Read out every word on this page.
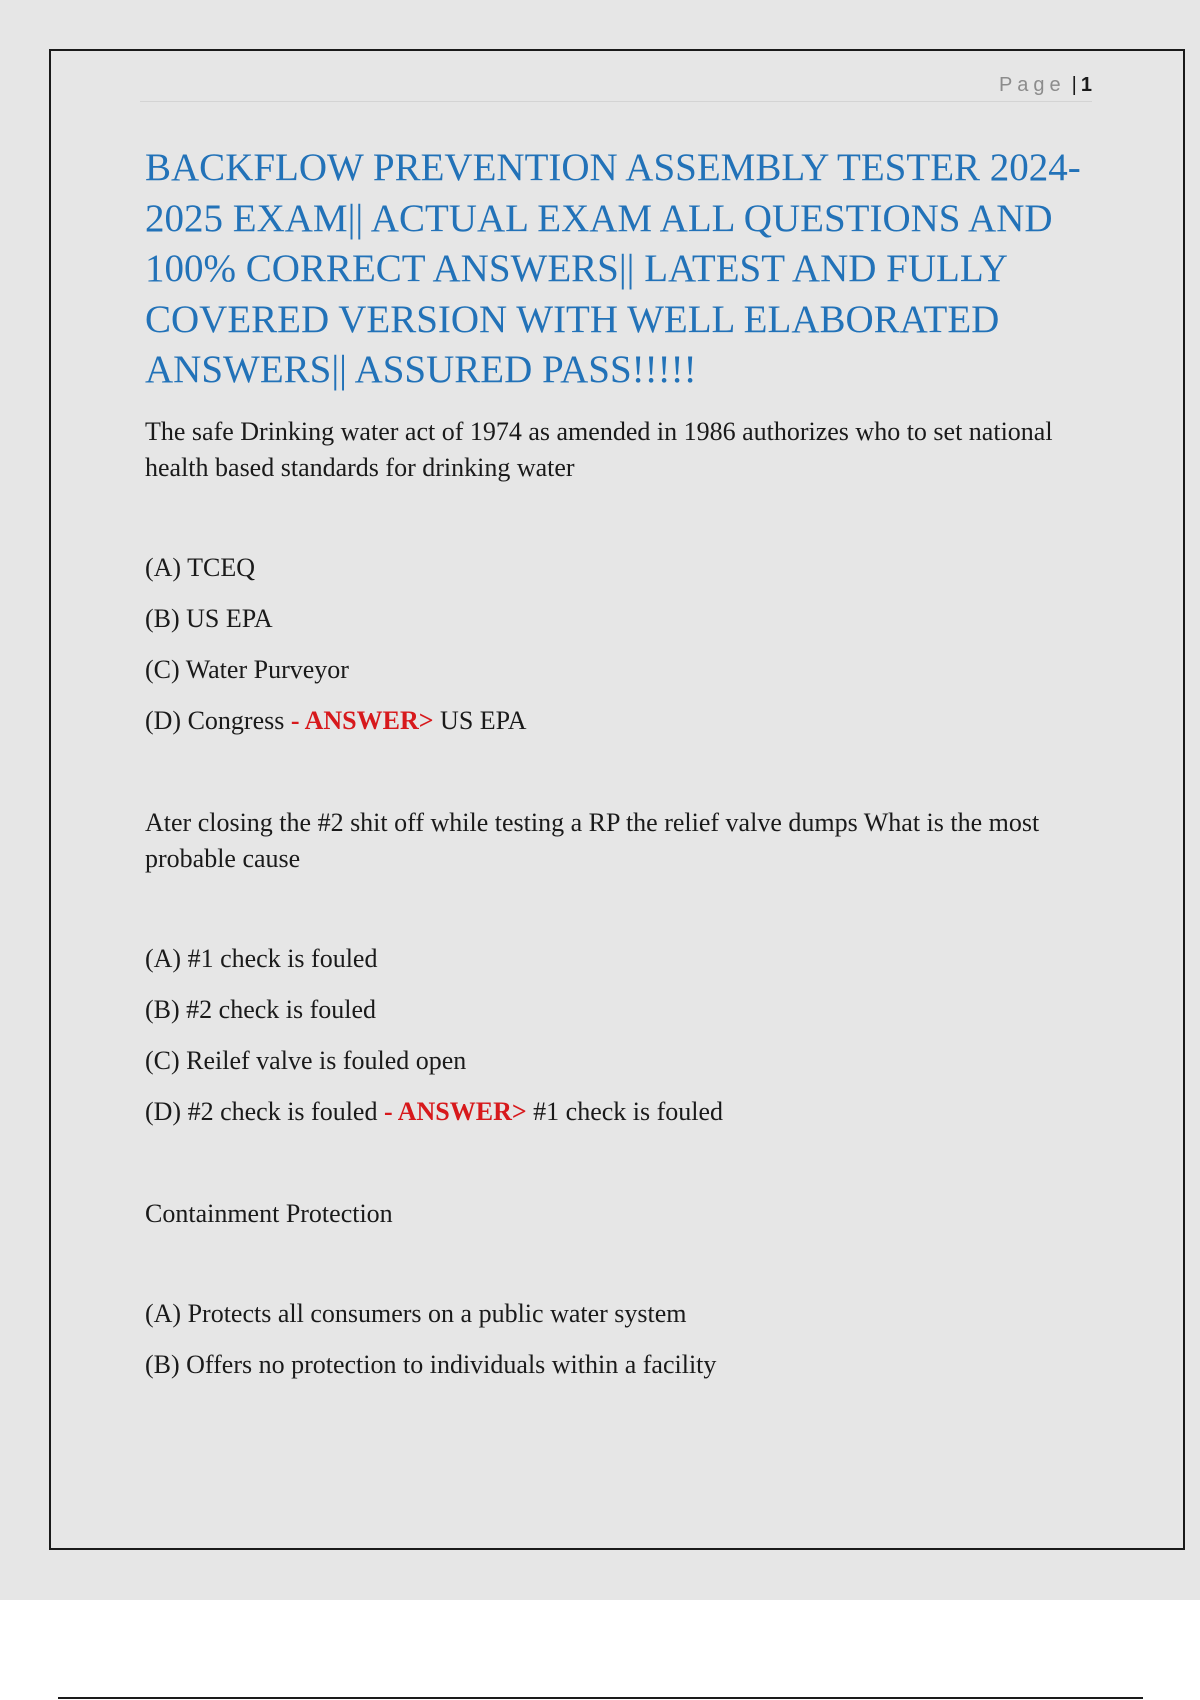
Page | 1
BACKFLOW PREVENTION ASSEMBLY TESTER 2024-2025 EXAM|| ACTUAL EXAM ALL QUESTIONS AND 100% CORRECT ANSWERS|| LATEST AND FULLY COVERED VERSION WITH WELL ELABORATED ANSWERS|| ASSURED PASS!!!!!

The safe Drinking water act of 1974 as amended in 1986 authorizes who to set national health based standards for drinking water

(A) TCEQ
(B) US EPA
(C) Water Purveyor
(D) Congress - ANSWER> US EPA

Ater closing the #2 shit off while testing a RP the relief valve dumps What is the most probable cause

(A) #1 check is fouled
(B) #2 check is fouled
(C) Reilef valve is fouled open
(D) #2 check is fouled - ANSWER> #1 check is fouled

Containment Protection

(A) Protects all consumers on a public water system
(B) Offers no protection to individuals within a facility
